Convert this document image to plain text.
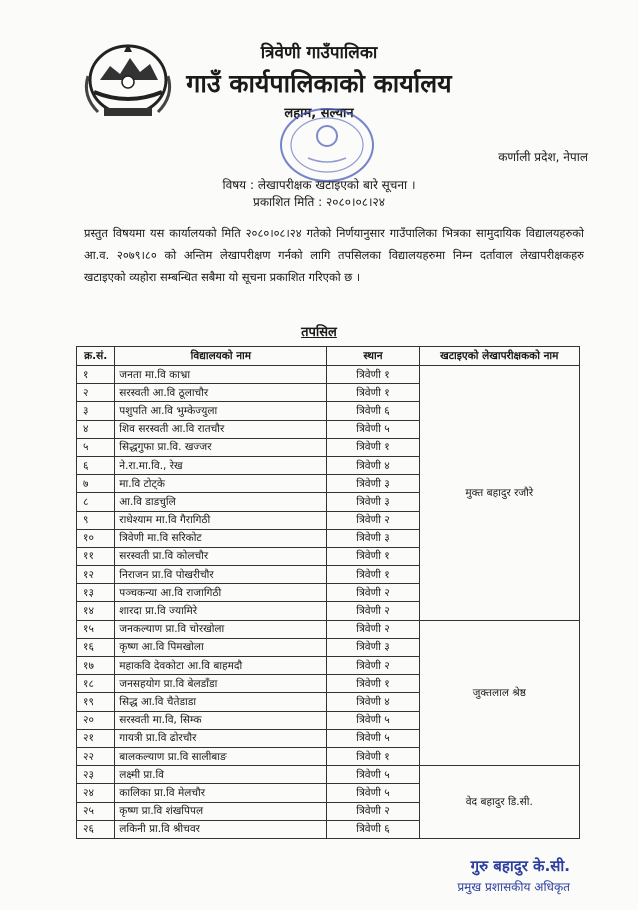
त्रिवेणी गाउँपालिका
गाउँ कार्यपालिकाको कार्यालय
लहाम, सल्यान
कर्णाली प्रदेश, नेपाल
विषय : लेखापरीक्षक खटाइएको बारे सूचना ।
प्रकाशित मिति : २०८०।०८।२४
प्रस्तुत विषयमा यस कार्यालयको मिति २०८०।०८।२४ गतेको निर्णयानुसार गाउँपालिका भित्रका सामुदायिक विद्यालयहरुको आ.व. २०७९।८० को अन्तिम लेखापरीक्षण गर्नको लागि तपसिलका विद्यालयहरुमा निम्न दर्तावाल लेखापरीक्षकहरु खटाइएको व्यहोरा सम्बन्धित सबैमा यो सूचना प्रकाशित गरिएको छ ।
तपसिल
क्र.सं.	विद्यालयको नाम	स्थान	खटाइएको लेखापरीक्षकको नाम
१	जनता मा.वि काभ्रा	त्रिवेणी १	मुक्त बहादुर रजौरे
२	सरस्वती आ.वि ठूलाचौर	त्रिवेणी १	
३	पशुपति आ.वि भुम्केज्युला	त्रिवेणी ६	
४	शिव सरस्वती आ.वि रातचौर	त्रिवेणी ५	
५	सिद्धगुफा प्रा.वि. खज्जर	त्रिवेणी १	
६	ने.रा.मा.वि., रेख	त्रिवेणी ४	
७	मा.वि टोट्के	त्रिवेणी ३	
८	आ.वि डाडचुलि	त्रिवेणी ३	
९	राधेश्याम मा.वि गैरागिठी	त्रिवेणी २	
१०	त्रिवेणी मा.वि सरिकोट	त्रिवेणी ३	
११	सरस्वती प्रा.वि कोलचौर	त्रिवेणी १	
१२	निराजन प्रा.वि पोखरीचौर	त्रिवेणी १	
१३	पञ्चकन्या आ.वि राजागिठी	त्रिवेणी २	
१४	शारदा प्रा.वि ज्यामिरे	त्रिवेणी २	
१५	जनकल्याण प्रा.वि चोरखोला	त्रिवेणी २	जुक्तलाल श्रेष्ठ
१६	कृष्ण आ.वि पिमखोला	त्रिवेणी ३	
१७	महाकवि देवकोटा आ.वि बाहमदौ	त्रिवेणी २	
१८	जनसहयोग प्रा.वि बेलडाँडा	त्रिवेणी १	
१९	सिद्ध आ.वि चैतेडाडा	त्रिवेणी ४	
२०	सरस्वती मा.वि, सिम्क	त्रिवेणी ५	
२१	गायत्री प्रा.वि ढोरचौर	त्रिवेणी ५	
२२	बालकल्याण प्रा.वि सालीबाङ	त्रिवेणी १	
२३	लक्ष्मी प्रा.वि	त्रिवेणी ५	वेद बहादुर डि.सी.
२४	कालिका प्रा.वि मेलचौर	त्रिवेणी ५	
२५	कृष्ण प्रा.वि शंखपिपल	त्रिवेणी २	
२६	लकिनी प्रा.वि श्रीचवर	त्रिवेणी ६	
गुरु बहादुर के.सी.
प्रमुख प्रशासकीय अधिकृत
